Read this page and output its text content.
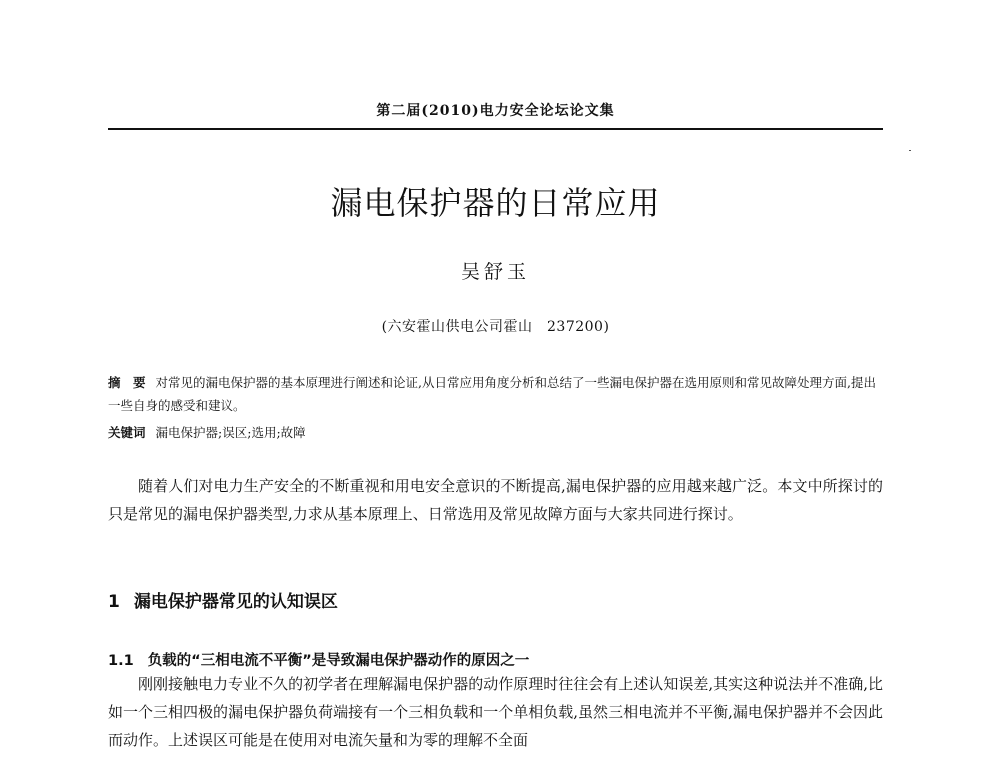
第二届(2010)电力安全论坛论文集
漏电保护器的日常应用
吴舒玉
(六安霍山供电公司霍山　237200)
摘　要 对常见的漏电保护器的基本原理进行阐述和论证,从日常应用角度分析和总结了一些漏电保护器在选用原则和常见故障处理方面,提出一些自身的感受和建议。
关键词 漏电保护器;误区;选用;故障

随着人们对电力生产安全的不断重视和用电安全意识的不断提高,漏电保护器的应用越来越广泛。本文中所探讨的只是常见的漏电保护器类型,力求从基本原理上、日常选用及常见故障方面与大家共同进行探讨。

1 漏电保护器常见的认知误区
1.1 负载的“三相电流不平衡”是导致漏电保护器动作的原因之一

刚刚接触电力专业不久的初学者在理解漏电保护器的动作原理时往往会有上述认知误差,其实这种说法并不准确,比如一个三相四极的漏电保护器负荷端接有一个三相负载和一个单相负载,虽然三相电流并不平衡,漏电保护器并不会因此而动作。上述误区可能是在使用对电流矢量和为零的理解不全面
